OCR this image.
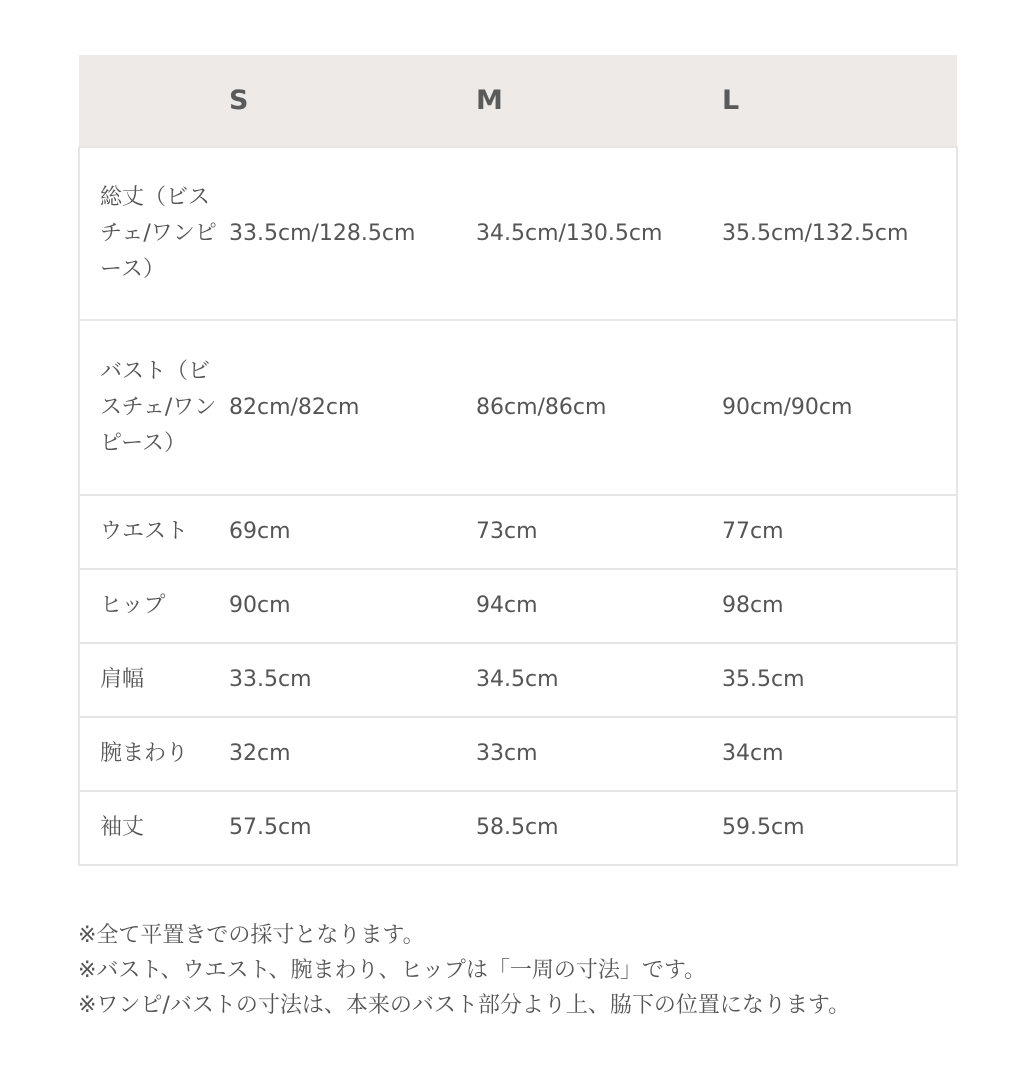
	S	M	L
総丈（ビスチェ/ワンピース）	33.5cm/128.5cm	34.5cm/130.5cm	35.5cm/132.5cm
バスト（ビスチェ/ワンピース）	82cm/82cm	86cm/86cm	90cm/90cm
ウエスト	69cm	73cm	77cm
ヒップ	90cm	94cm	98cm
肩幅	33.5cm	34.5cm	35.5cm
腕まわり	32cm	33cm	34cm
袖丈	57.5cm	58.5cm	59.5cm

※全て平置きでの採寸となります。

※バスト、ウエスト、腕まわり、ヒップは「一周の寸法」です。

※ワンピ/バストの寸法は、本来のバスト部分より上、脇下の位置になります。
